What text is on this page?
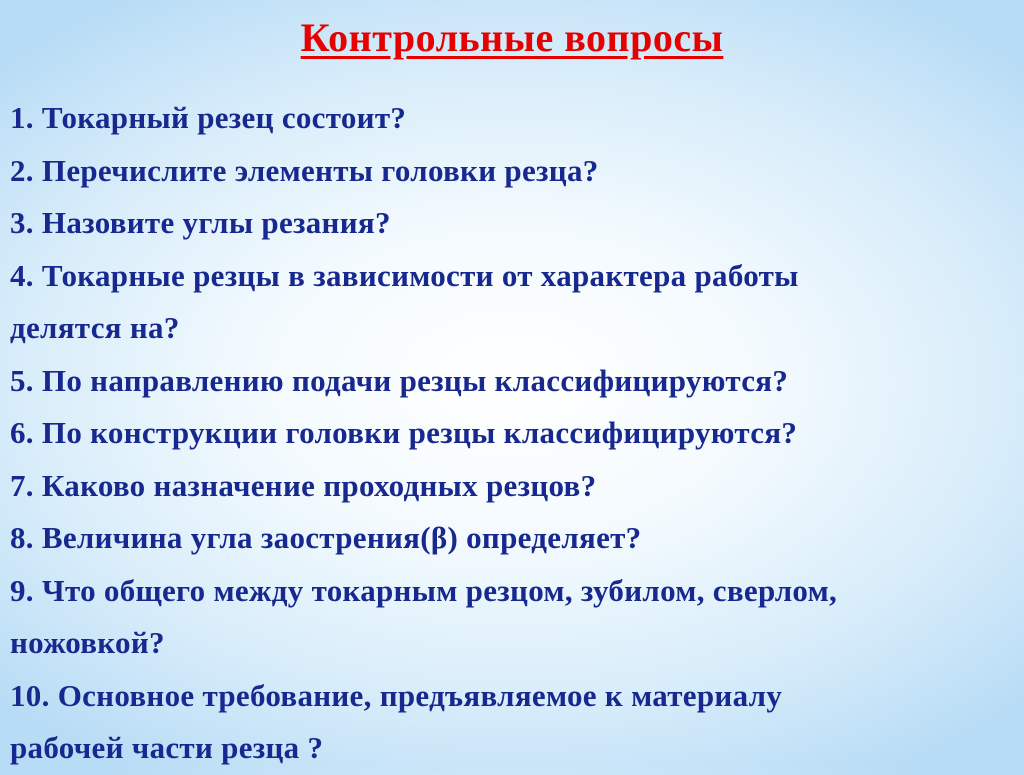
Контрольные вопросы
1. Токарный резец состоит?
2. Перечислите элементы головки резца?
3. Назовите углы резания?
4. Токарные резцы в зависимости от характера работы
делятся на?
5. По направлению подачи резцы классифицируются?
6. По конструкции головки резцы классифицируются?
7. Каково назначение проходных резцов?
8. Величина угла заострения(β) определяет?
9. Что общего между токарным резцом, зубилом, сверлом,
ножовкой?
10. Основное требование, предъявляемое к материалу
рабочей части резца ?
